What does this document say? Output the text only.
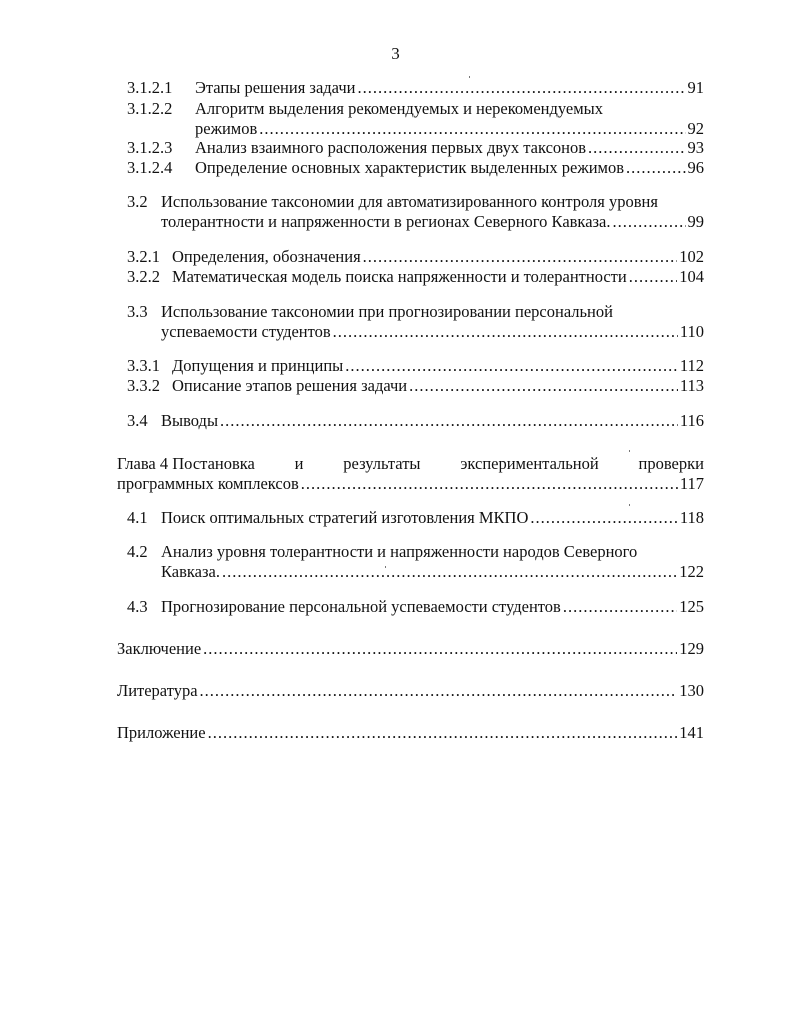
3
3.1.2.1	Этапы решения задачи .....	91
3.1.2.2 Алгоритм выделения рекомендуемых и нерекомендуемых
режимов .....	92
3.1.2.3	Анализ взаимного расположения первых двух таксонов .....	93
3.1.2.4	Определение основных характеристик выделенных режимов .....	96
3.2 Использование таксономии для автоматизированного контроля уровня
толерантности и напряженности в регионах Северного Кавказа. .....	99
3.2.1 Определения, обозначения .....	102
3.2.2 Математическая модель поиска напряженности и толерантности .....	104
3.3 Использование таксономии при прогнозировании персональной
успеваемости студентов .....	110
3.3.1 Допущения и принципы .....	112
3.3.2 Описание этапов решения задачи .....	113
3.4 Выводы .....	116
Глава 4 Постановка и результаты экспериментальной проверки
программных комплексов .....	117
4.1 Поиск оптимальных стратегий изготовления МКПО .....	118
4.2 Анализ уровня толерантности и напряженности народов Северного
Кавказа. .....	122
4.3 Прогнозирование персональной успеваемости студентов .....	125
Заключение .....	129
Литература .....	130
Приложение .....	141
